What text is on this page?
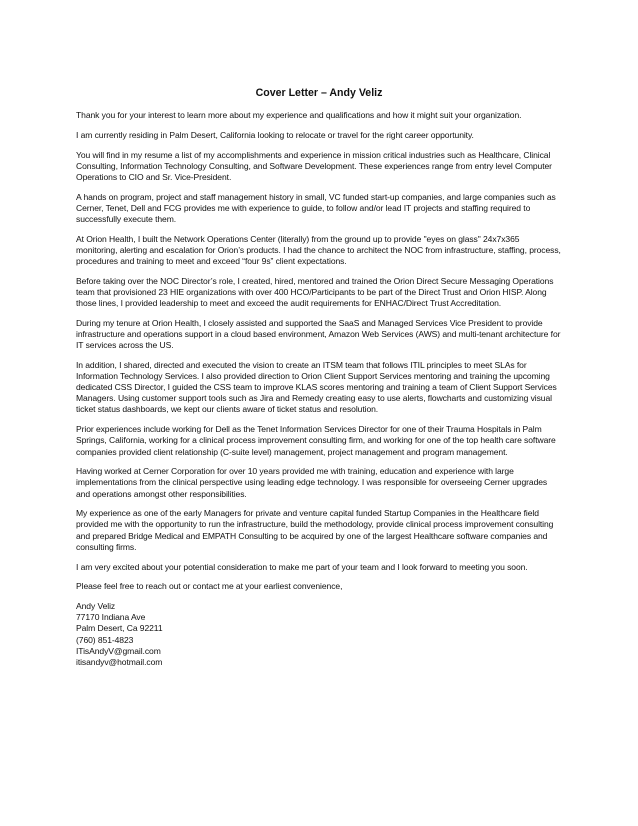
Cover Letter – Andy Veliz

Thank you for your interest to learn more about my experience and qualifications and how it might suit your organization.

I am currently residing in Palm Desert, California looking to relocate or travel for the right career opportunity.

You will find in my resume a list of my accomplishments and experience in mission critical industries such as Healthcare, Clinical Consulting, Information Technology Consulting, and Software Development. These experiences range from entry level Computer Operations to CIO and Sr. Vice-President.

A hands on program, project and staff management history in small, VC funded start-up companies, and large companies such as Cerner, Tenet, Dell and FCG provides me with experience to guide, to follow and/or lead IT projects and staffing required to successfully execute them.

At Orion Health, I built the Network Operations Center (literally) from the ground up to provide "eyes on glass" 24x7x365 monitoring, alerting and escalation for Orion’s products. I had the chance to architect the NOC from infrastructure, staffing, process, procedures and training to meet and exceed “four 9s” client expectations.

Before taking over the NOC Director’s role, I created, hired, mentored and trained the Orion Direct Secure Messaging Operations team that provisioned 23 HIE organizations with over 400 HCO/Participants to be part of the Direct Trust and Orion HISP. Along those lines, I provided leadership to meet and exceed the audit requirements for ENHAC/Direct Trust Accreditation.

During my tenure at Orion Health, I closely assisted and supported the SaaS and Managed Services Vice President to provide infrastructure and operations support in a cloud based environment, Amazon Web Services (AWS) and multi-tenant architecture for IT services across the US.

In addition, I shared, directed and executed the vision to create an ITSM team that follows ITIL principles to meet SLAs for Information Technology Services. I also provided direction to Orion Client Support Services mentoring and training the upcoming dedicated CSS Director, I guided the CSS team to improve KLAS scores mentoring and training a team of Client Support Services Managers. Using customer support tools such as Jira and Remedy creating easy to use alerts, flowcharts and customizing visual ticket status dashboards, we kept our clients aware of ticket status and resolution.

Prior experiences include working for Dell as the Tenet Information Services Director for one of their Trauma Hospitals in Palm Springs, California, working for a clinical process improvement consulting firm, and working for one of the top health care software companies provided client relationship (C-suite level) management, project management and program management.

Having worked at Cerner Corporation for over 10 years provided me with training, education and experience with large implementations from the clinical perspective using leading edge technology. I was responsible for overseeing Cerner upgrades and operations amongst other responsibilities.

My experience as one of the early Managers for private and venture capital funded Startup Companies in the Healthcare field provided me with the opportunity to run the infrastructure, build the methodology, provide clinical process improvement consulting and prepared Bridge Medical and EMPATH Consulting to be acquired by one of the largest Healthcare software companies and consulting firms.

I am very excited about your potential consideration to make me part of your team and I look forward to meeting you soon.

Please feel free to reach out or contact me at your earliest convenience,

Andy Veliz
77170 Indiana Ave
Palm Desert, Ca 92211
(760) 851-4823
ITisAndyV@gmail.com
itisandyv@hotmail.com
